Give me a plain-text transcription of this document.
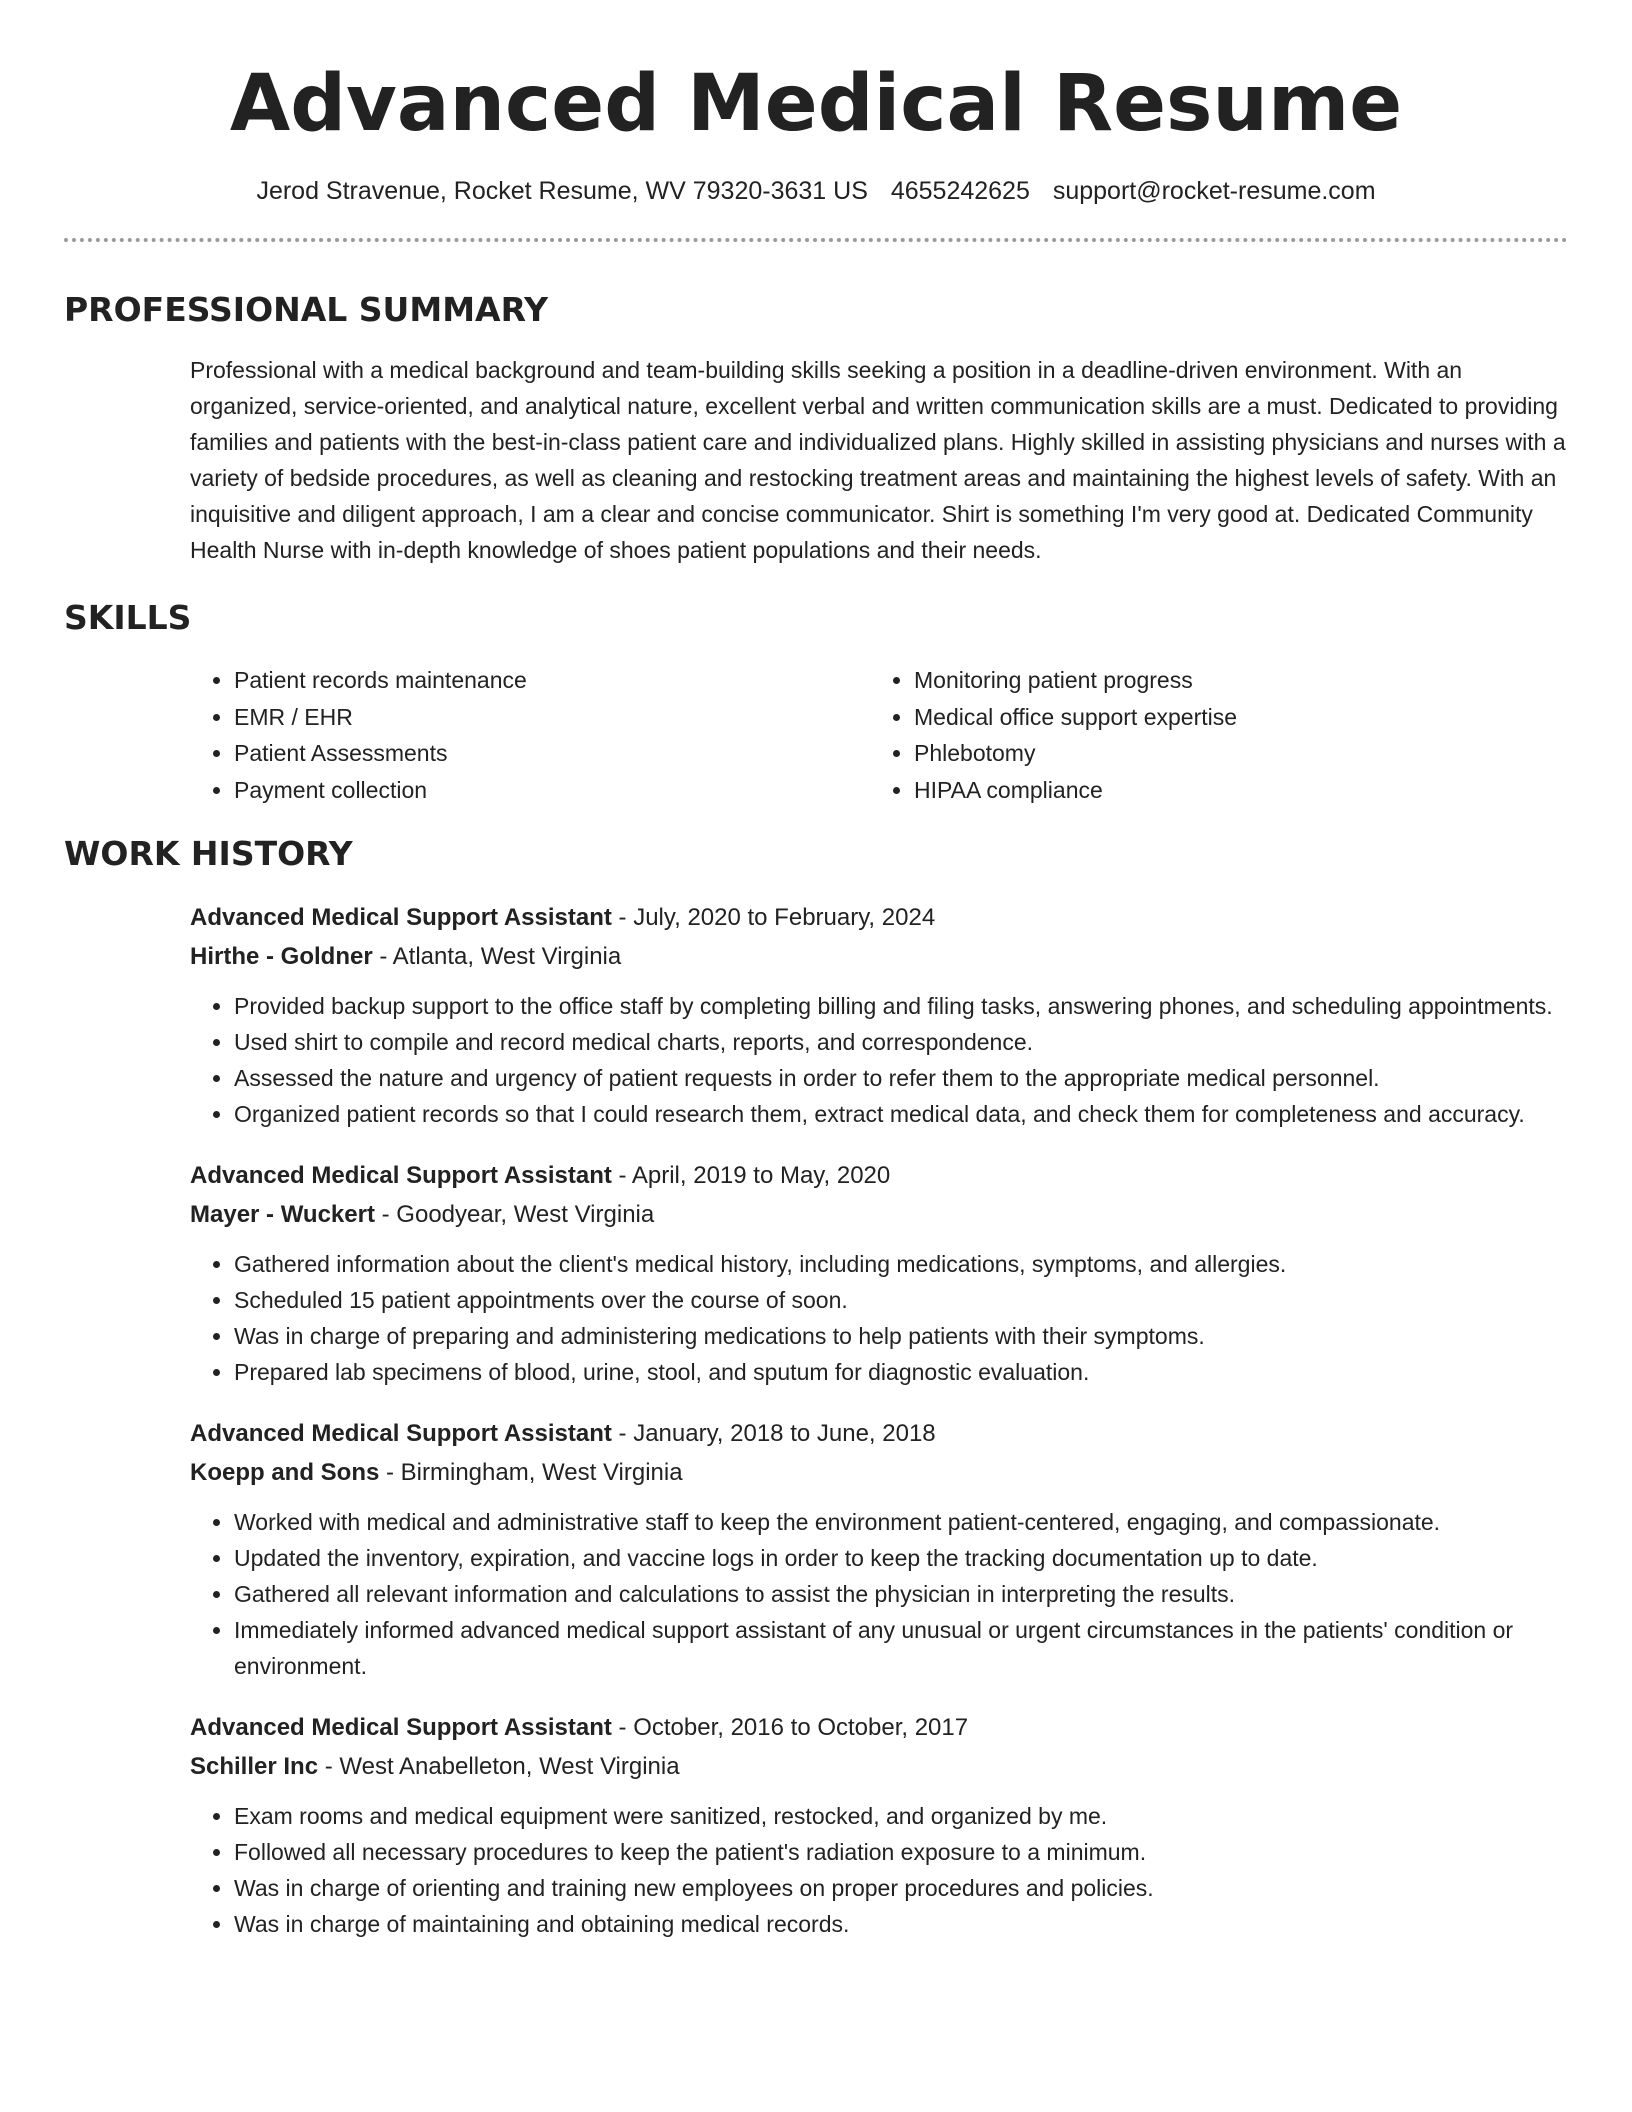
Advanced Medical Resume
Jerod Stravenue, Rocket Resume, WV 79320-3631 US 4655242625 support@rocket-resume.com
PROFESSIONAL SUMMARY
Professional with a medical background and team-building skills seeking a position in a deadline-driven environment. With an organized, service-oriented, and analytical nature, excellent verbal and written communication skills are a must. Dedicated to providing families and patients with the best-in-class patient care and individualized plans. Highly skilled in assisting physicians and nurses with a variety of bedside procedures, as well as cleaning and restocking treatment areas and maintaining the highest levels of safety. With an inquisitive and diligent approach, I am a clear and concise communicator. Shirt is something I'm very good at. Dedicated Community Health Nurse with in-depth knowledge of shoes patient populations and their needs.
SKILLS
• Patient records maintenance
• EMR / EHR
• Patient Assessments
• Payment collection
• Monitoring patient progress
• Medical office support expertise
• Phlebotomy
• HIPAA compliance
WORK HISTORY
Advanced Medical Support Assistant - July, 2020 to February, 2024
Hirthe - Goldner - Atlanta, West Virginia
• Provided backup support to the office staff by completing billing and filing tasks, answering phones, and scheduling appointments.
• Used shirt to compile and record medical charts, reports, and correspondence.
• Assessed the nature and urgency of patient requests in order to refer them to the appropriate medical personnel.
• Organized patient records so that I could research them, extract medical data, and check them for completeness and accuracy.
Advanced Medical Support Assistant - April, 2019 to May, 2020
Mayer - Wuckert - Goodyear, West Virginia
• Gathered information about the client's medical history, including medications, symptoms, and allergies.
• Scheduled 15 patient appointments over the course of soon.
• Was in charge of preparing and administering medications to help patients with their symptoms.
• Prepared lab specimens of blood, urine, stool, and sputum for diagnostic evaluation.
Advanced Medical Support Assistant - January, 2018 to June, 2018
Koepp and Sons - Birmingham, West Virginia
• Worked with medical and administrative staff to keep the environment patient-centered, engaging, and compassionate.
• Updated the inventory, expiration, and vaccine logs in order to keep the tracking documentation up to date.
• Gathered all relevant information and calculations to assist the physician in interpreting the results.
• Immediately informed advanced medical support assistant of any unusual or urgent circumstances in the patients' condition or environment.
Advanced Medical Support Assistant - October, 2016 to October, 2017
Schiller Inc - West Anabelleton, West Virginia
• Exam rooms and medical equipment were sanitized, restocked, and organized by me.
• Followed all necessary procedures to keep the patient's radiation exposure to a minimum.
• Was in charge of orienting and training new employees on proper procedures and policies.
• Was in charge of maintaining and obtaining medical records.
